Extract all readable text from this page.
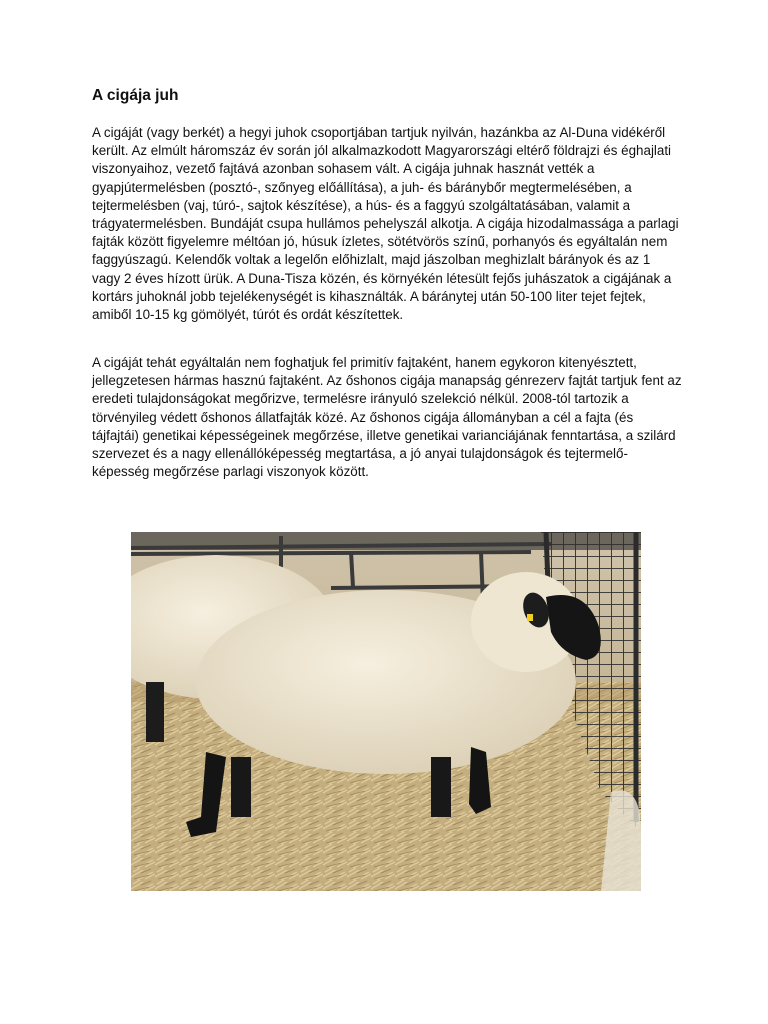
A cigája juh

A cigáját (vagy berkét) a hegyi juhok csoportjában tartjuk nyilván, hazánkba az Al-Duna vidékéről került. Az elmúlt háromszáz év során jól alkalmazkodott Magyarországi eltérő földrajzi és éghajlati viszonyaihoz, vezető fajtává azonban sohasem vált. A cigája juhnak hasznát vették a gyapjútermelésben (posztó-, szőnyeg előállítása), a juh- és báránybőr megtermelésében, a tejtermelésben (vaj, túró-, sajtok készítése), a hús- és a faggyú szolgáltatásában, valamit a trágyatermelésben. Bundáját csupa hullámos pehelyszál alkotja. A cigája hizodalmassága a parlagi fajták között figyelemre méltóan jó, húsuk ízletes, sötétvörös színű, porhanyós és egyáltalán nem faggyúszagú. Kelendők voltak a legelőn előhizlalt, majd jászolban meghizlalt bárányok és az 1 vagy 2 éves hízott ürük. A Duna-Tisza közén, és környékén létesült fejős juhászatok a cigájának a kortárs juhoknál jobb tejelékenységét is kihasználták. A báránytej után 50-100 liter tejet fejtek, amiből 10-15 kg gömölyét, túrót és ordát készítettek.

A cigáját tehát egyáltalán nem foghatjuk fel primitív fajtaként, hanem egykoron kitenyésztett, jellegzetesen hármas hasznú fajtaként. Az őshonos cigája manapság génrezerv fajtát tartjuk fent az eredeti tulajdonságokat megőrizve, termelésre irányuló szelekció nélkül. 2008-tól tartozik a törvényileg védett őshonos állatfajták közé. Az őshonos cigája állományban a cél a fajta (és tájfajtái) genetikai képességeinek megőrzése, illetve genetikai varianciájának fenntartása, a szilárd szervezet és a nagy ellenállóképesség megtartása, a jó anyai tulajdonságok és tejtermelő-képesség megőrzése parlagi viszonyok között.
